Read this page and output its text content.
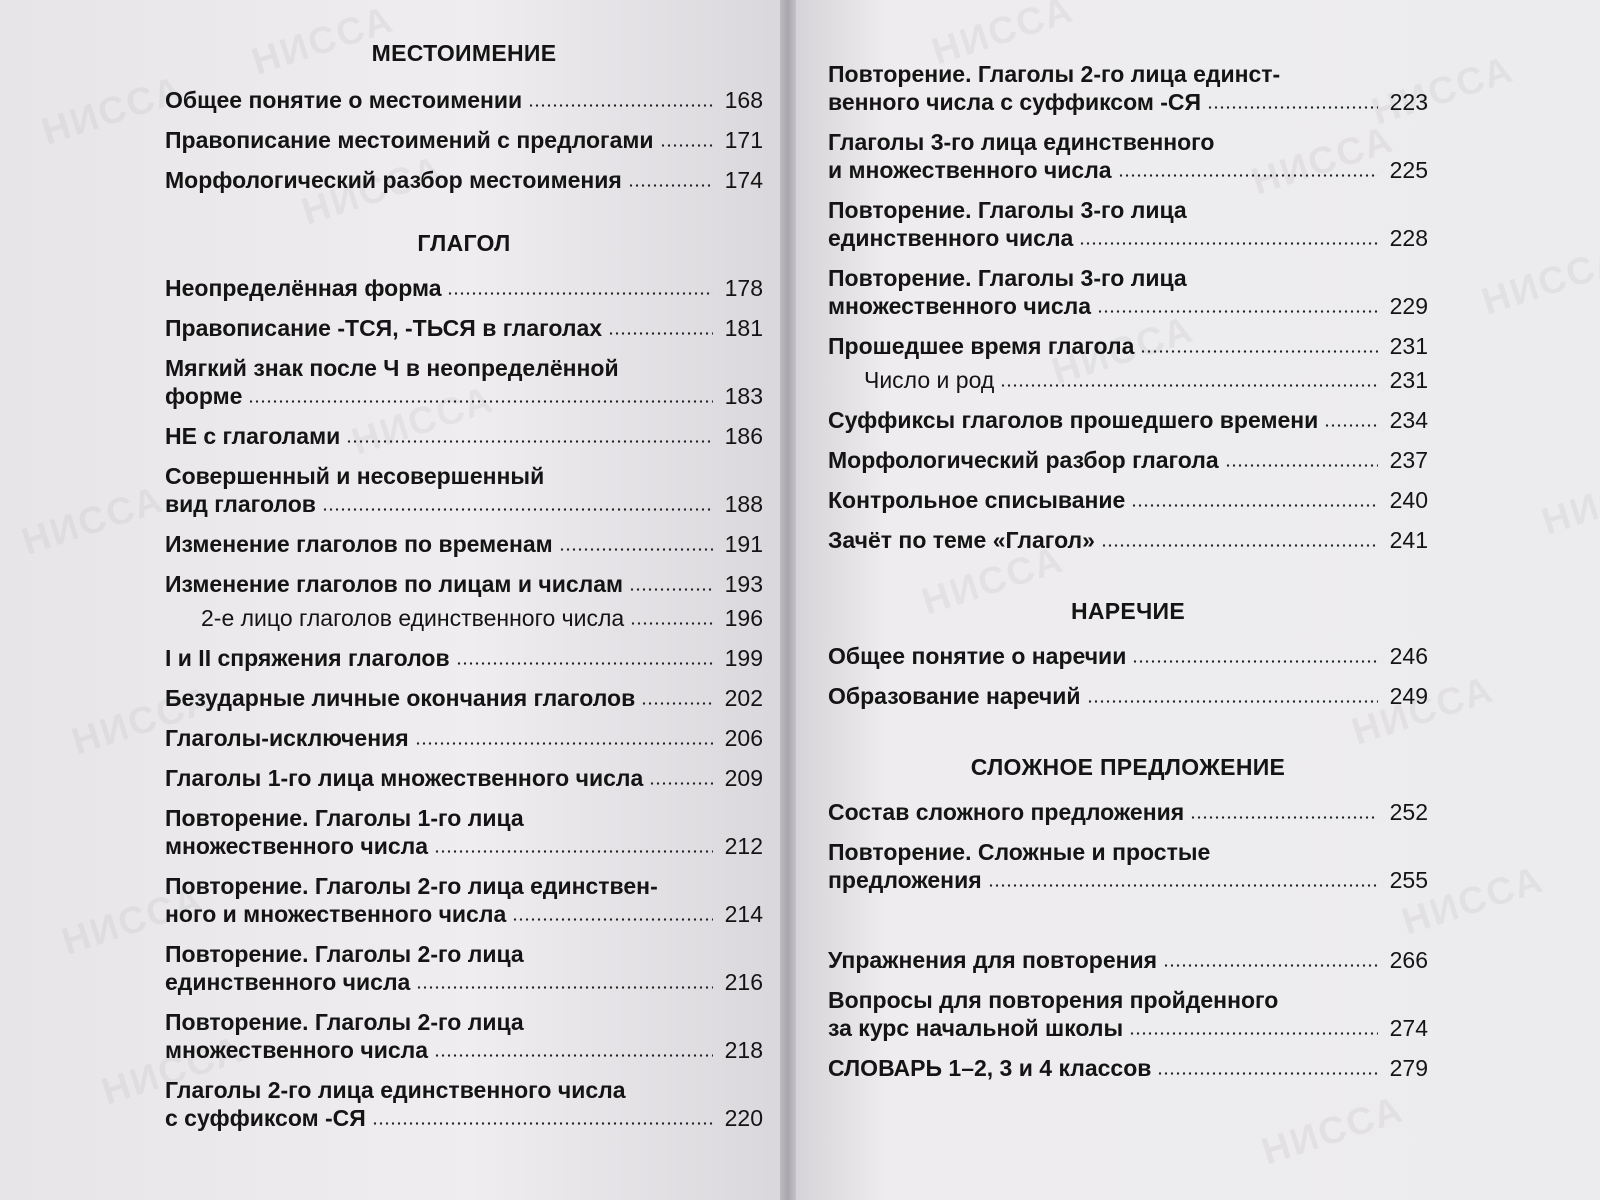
МЕСТОИМЕНИЕ
ГЛАГОЛ
Общее понятие о местоимении	168
Правописание местоимений с предлогами	171
Морфологический разбор местоимения	174
Неопределённая форма	178
Правописание -ТСЯ, -ТЬСЯ в глаголах	181
Мягкий знак после Ч в неопределённой
форме	183
НЕ с глаголами	186
Совершенный и несовершенный
вид глаголов	188
Изменение глаголов по временам	191
Изменение глаголов по лицам и числам	193
2-е лицо глаголов единственного числа	196
I и II спряжения глаголов	199
Безударные личные окончания глаголов	202
Глаголы-исключения	206
Глаголы 1-го лица множественного числа	209
Повторение. Глаголы 1-го лица
множественного числа	212
Повторение. Глаголы 2-го лица единствен-
ного и множественного числа	214
Повторение. Глаголы 2-го лица
единственного числа	216
Повторение. Глаголы 2-го лица
множественного числа	218
Глаголы 2-го лица единственного числа
с суффиксом -СЯ	220
НАРЕЧИЕ
СЛОЖНОЕ ПРЕДЛОЖЕНИЕ
Повторение. Глаголы 2-го лица единст-
венного числа с суффиксом -СЯ	223
Глаголы 3-го лица единственного
и множественного числа	225
Повторение. Глаголы 3-го лица
единственного числа	228
Повторение. Глаголы 3-го лица
множественного числа	229
Прошедшее время глагола	231
Число и род	231
Суффиксы глаголов прошедшего времени	234
Морфологический разбор глагола	237
Контрольное списывание	240
Зачёт по теме «Глагол»	241
Общее понятие о наречии	246
Образование наречий	249
Состав сложного предложения	252
Повторение. Сложные и простые
предложения	255
Упражнения для повторения	266
Вопросы для повторения пройденного
за курс начальной школы	274
СЛОВАРЬ 1–2, 3 и 4 классов	279
